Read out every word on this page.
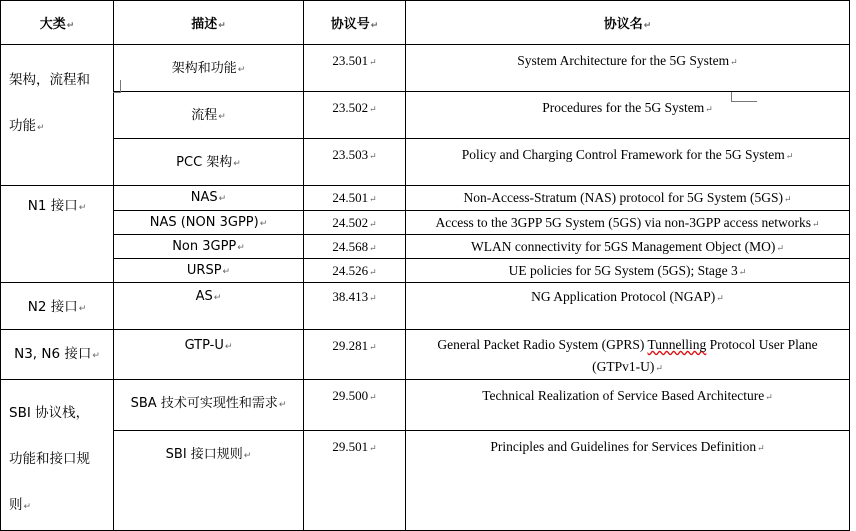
大类↵	描述↵	协议号↵	协议名↵

架构，流程和
功能↵	架构和功能↵	23.501↵	System Architecture for the 5G System↵

	流程↵	23.502↵	Procedures for the 5G System↵

	PCC 架构↵	23.503↵	Policy and Charging Control Framework for the 5G System↵

N1 接口↵	NAS↵	24.501↵	Non-Access-Stratum (NAS) protocol for 5G System (5GS)↵

	NAS (NON 3GPP)↵	24.502↵	Access to the 3GPP 5G System (5GS) via non-3GPP access networks↵

	Non 3GPP↵	24.568↵	WLAN connectivity for 5GS Management Object (MO)↵

	URSP↵	24.526↵	UE policies for 5G System (5GS); Stage 3↵

N2 接口↵	AS↵	38.413↵	NG Application Protocol (NGAP)↵

N3, N6 接口↵	GTP-U↵	29.281↵	General Packet Radio System (GPRS) Tunnelling Protocol User Plane
(GTPv1-U)↵

SBI 协议栈，
功能和接口规
则↵	SBA 技术可实现性和需求↵	29.500↵	Technical Realization of Service Based Architecture↵

	SBI 接口规则↵	29.501↵	Principles and Guidelines for Services Definition↵
